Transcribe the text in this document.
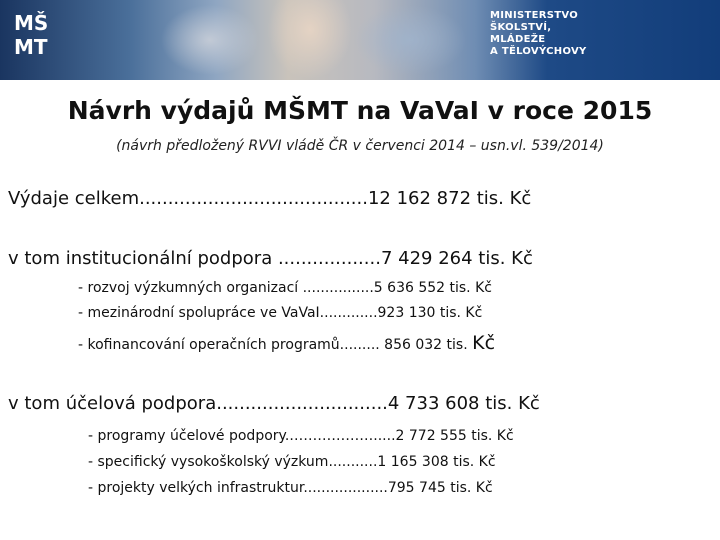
MŠ
MT
MINISTERSTVO
ŠKOLSTVÍ,
MLÁDEŽE
A TĚLOVÝCHOVY
Návrh výdajů MŠMT na VaVaI v roce 2015
(návrh předložený RVVI vládě ČR v červenci 2014 – usn.vl. 539/2014)
Výdaje celkem........................................12 162 872 tis. Kč
v tom institucionální podpora ..................7 429 264 tis. Kč
- rozvoj výzkumných organizací ................5 636 552 tis. Kč
- mezinárodní spolupráce ve VaVaI.............923 130 tis. Kč
- kofinancování operačních programů......... 856 032 tis. Kč
v tom účelová podpora..............................4 733 608 tis. Kč
- programy účelové podpory.……………….....2 772 555 tis. Kč
- specifický vysokoškolský výzkum...........1 165 308 tis. Kč
- projekty velkých infrastruktur...................795 745 tis. Kč
